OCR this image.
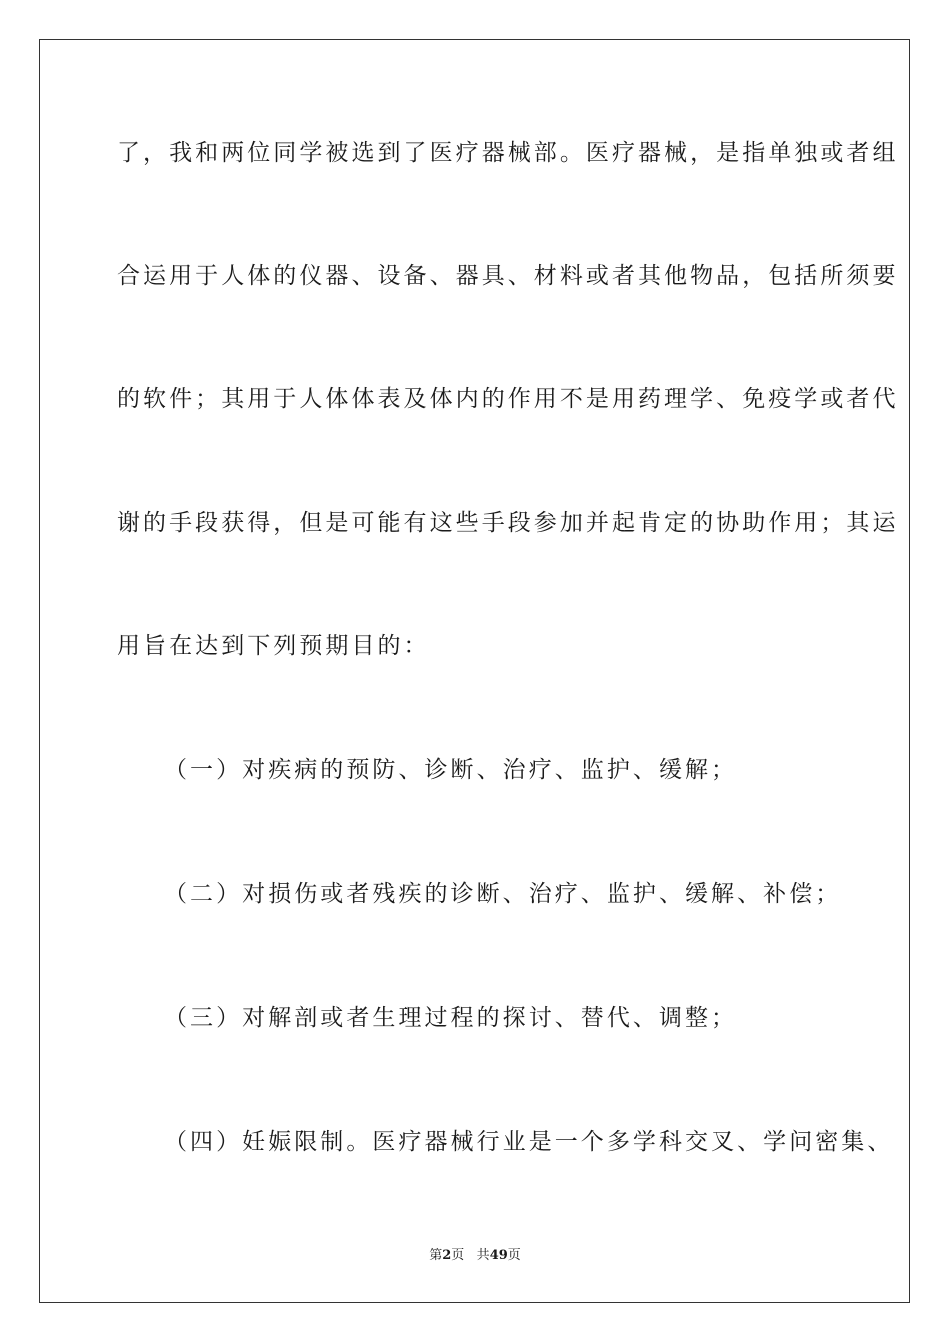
了，我和两位同学被选到了医疗器械部。医疗器械，是指单独或者组
合运用于人体的仪器、设备、器具、材料或者其他物品，包括所须要
的软件；其用于人体体表及体内的作用不是用药理学、免疫学或者代
谢的手段获得，但是可能有这些手段参加并起肯定的协助作用；其运
用旨在达到下列预期目的：
（一）对疾病的预防、诊断、治疗、监护、缓解；
（二）对损伤或者残疾的诊断、治疗、监护、缓解、补偿；
（三）对解剖或者生理过程的探讨、替代、调整；
（四）妊娠限制。医疗器械行业是一个多学科交叉、学问密集、
第2页 共49页
